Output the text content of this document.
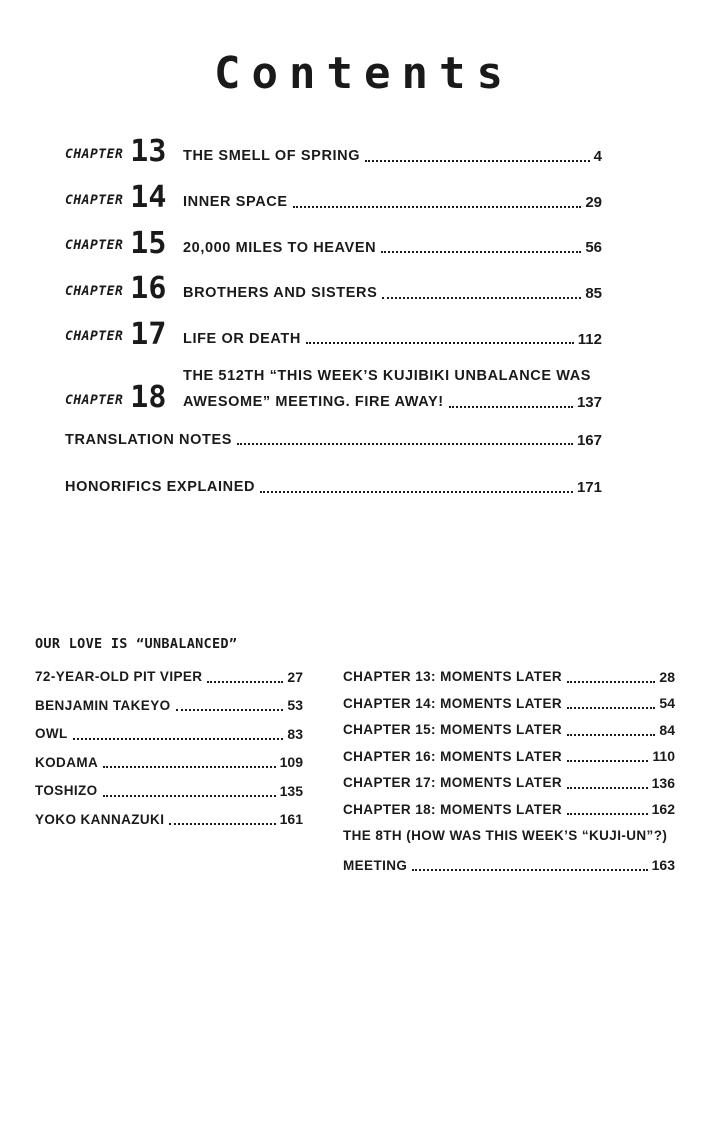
Contents
CHAPTER 13 THE SMELL OF SPRING	4
CHAPTER 14 INNER SPACE	29
CHAPTER 15 20,000 MILES TO HEAVEN	56
CHAPTER 16 BROTHERS AND SISTERS	85
CHAPTER 17 LIFE OR DEATH	112
CHAPTER 18
THE 512TH “THIS WEEK’S KUJIBIKI UNBALANCE WAS
AWESOME” MEETING. FIRE AWAY!	137
TRANSLATION NOTES	167
HONORIFICS EXPLAINED	171
OUR LOVE IS “UNBALANCED”
72-YEAR-OLD PIT VIPER	27
BENJAMIN TAKEYO	53
OWL	83
KODAMA	109
TOSHIZO	135
YOKO KANNAZUKI	161
CHAPTER 13: MOMENTS LATER	28
CHAPTER 14: MOMENTS LATER	54
CHAPTER 15: MOMENTS LATER	84
CHAPTER 16: MOMENTS LATER	110
CHAPTER 17: MOMENTS LATER	136
CHAPTER 18: MOMENTS LATER	162
THE 8TH (HOW WAS THIS WEEK’S “KUJI-UN”?)
MEETING	163
